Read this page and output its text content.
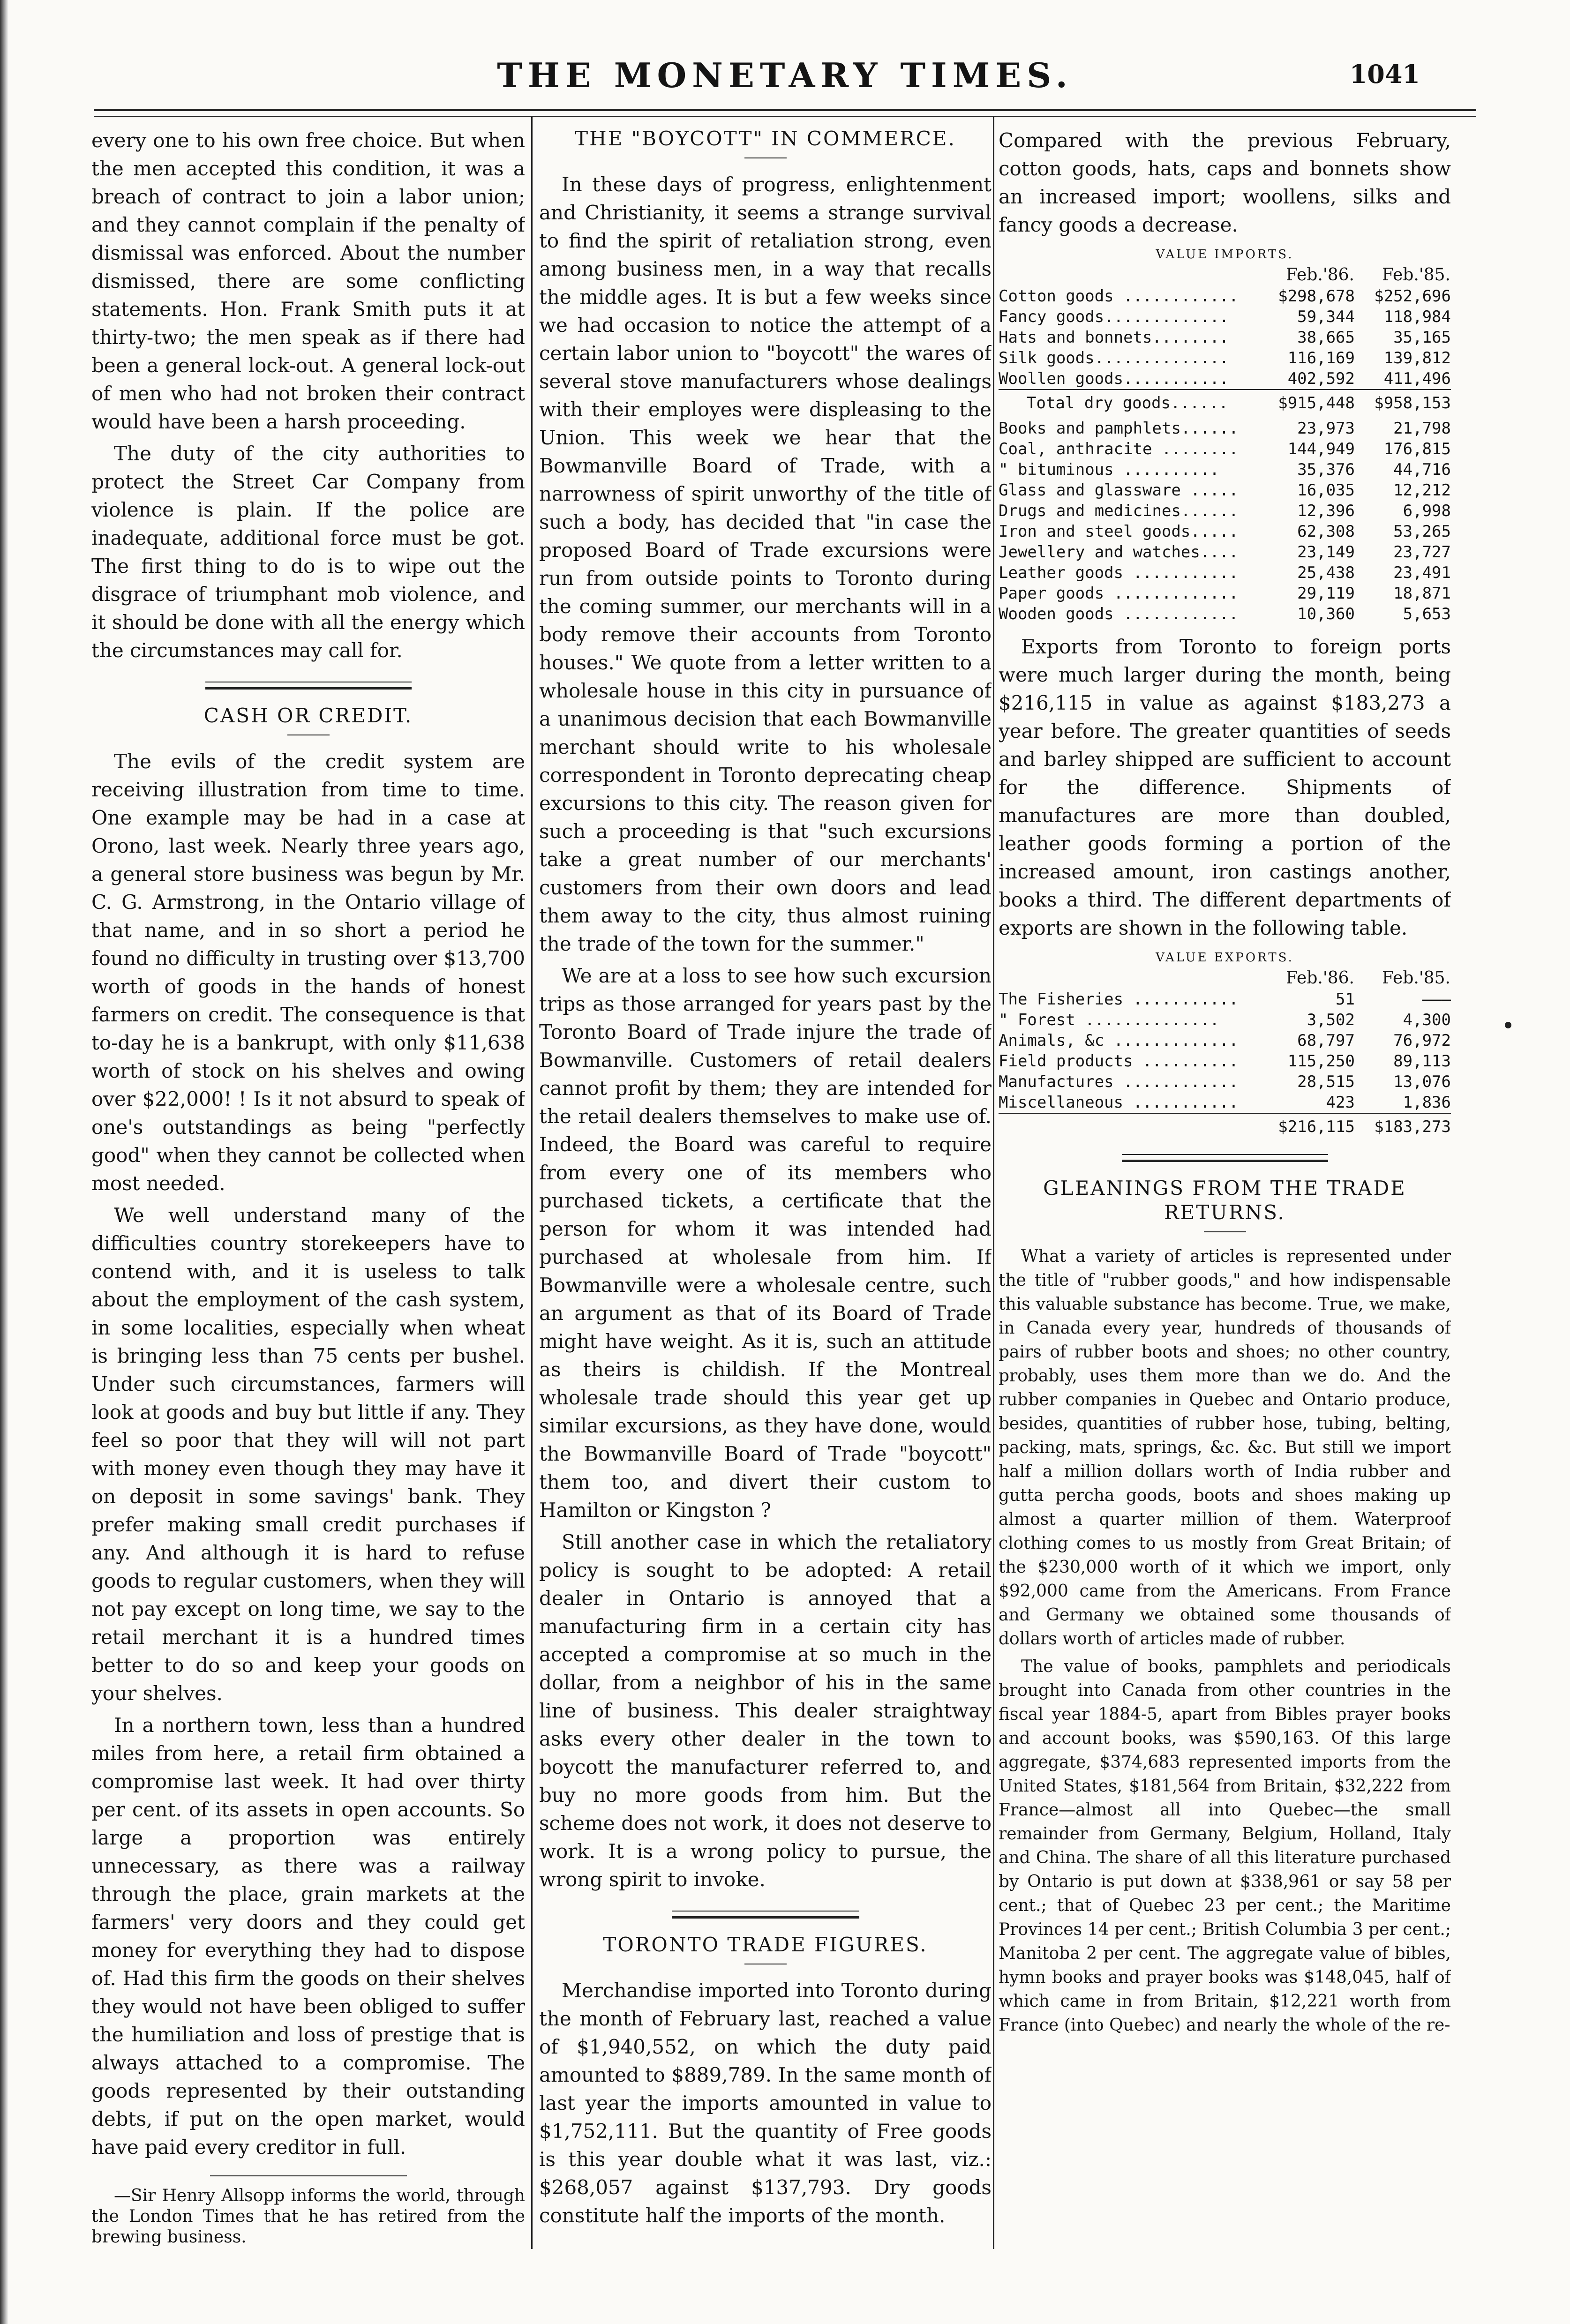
THE MONETARY TIMES.	1041

every one to his own free choice. But when the men accepted this condition, it was a breach of contract to join a labor union; and they cannot complain if the penalty of dismissal was enforced. About the number dismissed, there are some conflicting statements. Hon. Frank Smith puts it at thirty-two; the men speak as if there had been a general lock-out. A general lock-out of men who had not broken their contract would have been a harsh proceeding.

The duty of the city authorities to protect the Street Car Company from violence is plain. If the police are inadequate, additional force must be got. The first thing to do is to wipe out the disgrace of triumphant mob violence, and it should be done with all the energy which the circumstances may call for.

CASH OR CREDIT.

The evils of the credit system are receiving illustration from time to time. One example may be had in a case at Orono, last week. Nearly three years ago, a general store business was begun by Mr. C. G. Armstrong, in the Ontario village of that name, and in so short a period he found no difficulty in trusting over $13,700 worth of goods in the hands of honest farmers on credit. The consequence is that to-day he is a bankrupt, with only $11,638 worth of stock on his shelves and owing over $22,000! ! Is it not absurd to speak of one's outstandings as being "perfectly good" when they cannot be collected when most needed.

We well understand many of the difficulties country storekeepers have to contend with, and it is useless to talk about the employment of the cash system, in some localities, especially when wheat is bringing less than 75 cents per bushel. Under such circumstances, farmers will look at goods and buy but little if any. They feel so poor that they will will not part with money even though they may have it on deposit in some savings' bank. They prefer making small credit purchases if any. And although it is hard to refuse goods to regular customers, when they will not pay except on long time, we say to the retail merchant it is a hundred times better to do so and keep your goods on your shelves.

In a northern town, less than a hundred miles from here, a retail firm obtained a compromise last week. It had over thirty per cent. of its assets in open accounts. So large a proportion was entirely unnecessary, as there was a railway through the place, grain markets at the farmers' very doors and they could get money for everything they had to dispose of. Had this firm the goods on their shelves they would not have been obliged to suffer the humiliation and loss of prestige that is always attached to a compromise. The goods represented by their outstanding debts, if put on the open market, would have paid every creditor in full.

—Sir Henry Allsopp informs the world, through the London Times that he has retired from the brewing business.

THE "BOYCOTT" IN COMMERCE.

In these days of progress, enlightenment and Christianity, it seems a strange survival to find the spirit of retaliation strong, even among business men, in a way that recalls the middle ages. It is but a few weeks since we had occasion to notice the attempt of a certain labor union to "boycott" the wares of several stove manufacturers whose dealings with their employes were displeasing to the Union. This week we hear that the Bowmanville Board of Trade, with a narrowness of spirit unworthy of the title of such a body, has decided that "in case the proposed Board of Trade excursions were run from outside points to Toronto during the coming summer, our merchants will in a body remove their accounts from Toronto houses." We quote from a letter written to a wholesale house in this city in pursuance of a unanimous decision that each Bowmanville merchant should write to his wholesale correspondent in Toronto deprecating cheap excursions to this city. The reason given for such a proceeding is that "such excursions take a great number of our merchants' customers from their own doors and lead them away to the city, thus almost ruining the trade of the town for the summer."

We are at a loss to see how such excursion trips as those arranged for years past by the Toronto Board of Trade injure the trade of Bowmanville. Customers of retail dealers cannot profit by them; they are intended for the retail dealers themselves to make use of. Indeed, the Board was careful to require from every one of its members who purchased tickets, a certificate that the person for whom it was intended had purchased at wholesale from him. If Bowmanville were a wholesale centre, such an argument as that of its Board of Trade might have weight. As it is, such an attitude as theirs is childish. If the Montreal wholesale trade should this year get up similar excursions, as they have done, would the Bowmanville Board of Trade "boycott" them too, and divert their custom to Hamilton or Kingston ?

Still another case in which the retaliatory policy is sought to be adopted: A retail dealer in Ontario is annoyed that a manufacturing firm in a certain city has accepted a compromise at so much in the dollar, from a neighbor of his in the same line of business. This dealer straightway asks every other dealer in the town to boycott the manufacturer referred to, and buy no more goods from him. But the scheme does not work, it does not deserve to work. It is a wrong policy to pursue, the wrong spirit to invoke.

TORONTO TRADE FIGURES.

Merchandise imported into Toronto during the month of February last, reached a value of $1,940,552, on which the duty paid amounted to $889,789. In the same month of last year the imports amounted in value to $1,752,111. But the quantity of Free goods is this year double what it was last, viz.: $268,057 against $137,793. Dry goods constitute half the imports of the month.

Compared with the previous February, cotton goods, hats, caps and bonnets show an increased import; woollens, silks and fancy goods a decrease.

VALUE IMPORTS.
	Feb.'86.	Feb.'85.
Cotton goods ............	$298,678	$252,696
Fancy goods.............	59,344	118,984
Hats and bonnets........	38,665	35,165
Silk goods..............	116,169	139,812
Woollen goods...........	402,592	411,496
Total dry goods......	$915,448	$958,153
Books and pamphlets......	23,973	21,798
Coal, anthracite ........	144,949	176,815
" bituminous ..........	35,376	44,716
Glass and glassware .....	16,035	12,212
Drugs and medicines......	12,396	6,998
Iron and steel goods.....	62,308	53,265
Jewellery and watches....	23,149	23,727
Leather goods ...........	25,438	23,491
Paper goods .............	29,119	18,871
Wooden goods ............	10,360	5,653

Exports from Toronto to foreign ports were much larger during the month, being $216,115 in value as against $183,273 a year before. The greater quantities of seeds and barley shipped are sufficient to account for the difference. Shipments of manufactures are more than doubled, leather goods forming a portion of the increased amount, iron castings another, books a third. The different departments of exports are shown in the following table.

VALUE EXPORTS.
	Feb.'86.	Feb.'85.
The Fisheries ...........	51	———
" Forest ..............	3,502	4,300
Animals, &c .............	68,797	76,972
Field products ..........	115,250	89,113
Manufactures ............	28,515	13,076
Miscellaneous ...........	423	1,836
	$216,115	$183,273
GLEANINGS FROM THE TRADE RETURNS.

What a variety of articles is represented under the title of "rubber goods," and how indispensable this valuable substance has become. True, we make, in Canada every year, hundreds of thousands of pairs of rubber boots and shoes; no other country, probably, uses them more than we do. And the rubber companies in Quebec and Ontario produce, besides, quantities of rubber hose, tubing, belting, packing, mats, springs, &c. &c. But still we import half a million dollars worth of India rubber and gutta percha goods, boots and shoes making up almost a quarter million of them. Waterproof clothing comes to us mostly from Great Britain; of the $230,000 worth of it which we import, only $92,000 came from the Americans. From France and Germany we obtained some thousands of dollars worth of articles made of rubber.

The value of books, pamphlets and periodicals brought into Canada from other countries in the fiscal year 1884-5, apart from Bibles prayer books and account books, was $590,163. Of this large aggregate, $374,683 represented imports from the United States, $181,564 from Britain, $32,222 from France—almost all into Quebec—the small remainder from Germany, Belgium, Holland, Italy and China. The share of all this literature purchased by Ontario is put down at $338,961 or say 58 per cent.; that of Quebec 23 per cent.; the Maritime Provinces 14 per cent.; British Columbia 3 per cent.; Manitoba 2 per cent. The aggregate value of bibles, hymn books and prayer books was $148,045, half of which came in from Britain, $12,221 worth from France (into Quebec) and nearly the whole of the re-
